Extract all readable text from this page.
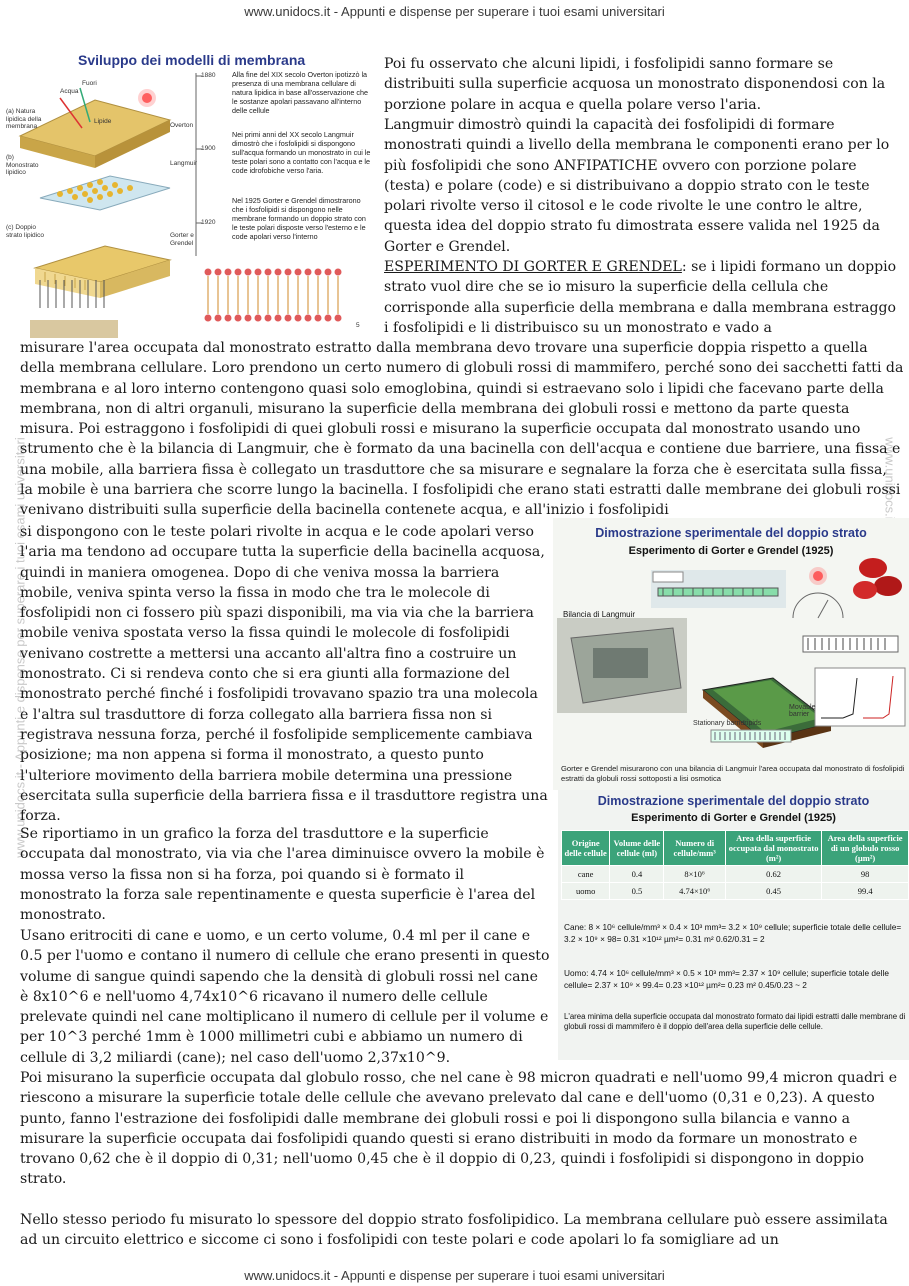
www.unidocs.it - Appunti e dispense per superare i tuoi esami universitari
www.unidocs.it - Appunti e dispense per superare i tuoi esami universitari
www.unidocs.it - Appunti e dispense per superare i tuoi esami universitari
Sviluppo dei modelli di membrana
(a) Natura lipidica della membrana
(b) Monostrato lipidico
(c) Doppio strato lipidico
Overton
Langmuir
Gorter e Grendel
1880
1900
1920
Acqua
Fuori
Lipide
5
Alla fine del XIX secolo Overton ipotizzò la presenza di una membrana cellulare di natura lipidica in base all'osservazione che le sostanze apolari passavano all'interno delle cellule
Nei primi anni del XX secolo Langmuir dimostrò che i fosfolipidi si dispongono sull'acqua formando un monostrato in cui le teste polari sono a contatto con l'acqua e le code idrofobiche verso l'aria.
Nel 1925 Gorter e Grendel dimostrarono che i fosfolipidi si dispongono nelle membrane formando un doppio strato con le teste polari disposte verso l'esterno e le code apolari verso l'interno

Poi fu osservato che alcuni lipidi, i fosfolipidi sanno formare se distribuiti sulla superficie acquosa un monostrato disponendosi con la porzione polare in acqua e quella polare verso l'aria.

Langmuir dimostrò quindi la capacità dei fosfolipidi di formare monostrati quindi a livello della membrana le componenti erano per lo più fosfolipidi che sono ANFIPATICHE ovvero con porzione polare (testa) e polare (code) e si distribuivano a doppio strato con le teste polari rivolte verso il citosol e le code rivolte le une contro le altre, questa idea del doppio strato fu dimostrata essere valida nel 1925 da Gorter e Grendel.

ESPERIMENTO DI GORTER E GRENDEL: se i lipidi formano un doppio strato vuol dire che se io misuro la superficie della cellula che corrisponde alla superficie della membrana e dalla membrana estraggo i fosfolipidi e li distribuisco su un monostrato e vado a

misurare l'area occupata dal monostrato estratto dalla membrana devo trovare una superficie doppia rispetto a quella della membrana cellulare. Loro prendono un certo numero di globuli rossi di mammifero, perché sono dei sacchetti fatti da membrana e al loro interno contengono quasi solo emoglobina, quindi si estraevano solo i lipidi che facevano parte della membrana, non di altri organuli, misurano la superficie della membrana dei globuli rossi e mettono da parte questa misura. Poi estraggono i fosfolipidi di quei globuli rossi e misurano la superficie occupata dal monostrato usando uno strumento che è la bilancia di Langmuir, che è formato da una bacinella con dell'acqua e contiene due barriere, una fissa e una mobile, alla barriera fissa è collegato un trasduttore che sa misurare e segnalare la forza che è esercitata sulla fissa, la mobile è una barriera che scorre lungo la bacinella. I fosfolipidi che erano stati estratti dalle membrane dei globuli rossi venivano distribuiti sulla superficie della bacinella contenete acqua, e all'inizio i fosfolipidi

si dispongono con le teste polari rivolte in acqua e le code apolari verso l'aria ma tendono ad occupare tutta la superficie della bacinella acquosa, quindi in maniera omogenea. Dopo di che veniva mossa la barriera mobile, veniva spinta verso la fissa in modo che tra le molecole di fosfolipidi non ci fossero più spazi disponibili, ma via via che la barriera mobile veniva spostata verso la fissa quindi le molecole di fosfolipidi venivano costrette a mettersi una accanto all'altra fino a costruire un monostrato. Ci si rendeva conto che si era giunti alla formazione del monostrato perché finché i fosfolipidi trovavano spazio tra una molecola e l'altra sul trasduttore di forza collegato alla barriera fissa non si registrava nessuna forza, perché il fosfolipide semplicemente cambiava posizione; ma non appena si forma il monostrato, a questo punto l'ulteriore movimento della barriera mobile determina una pressione esercitata sulla superficie della barriera fissa e il trasduttore registra una forza.

Se riportiamo in un grafico la forza del trasduttore e la superficie occupata dal monostrato, via via che l'area diminuisce ovvero la mobile è mossa verso la fissa non si ha forza, poi quando si è formato il monostrato la forza sale repentinamente e questa superficie è l'area del monostrato.

Usano eritrociti di cane e uomo, e un certo volume, 0.4 ml per il cane e 0.5 per l'uomo e contano il numero di cellule che erano presenti in questo volume di sangue quindi sapendo che la densità di globuli rossi nel cane è 8x10^6 e nell'uomo 4,74x10^6 ricavano il numero delle cellule prelevate quindi nel cane moltiplicano il numero di cellule per il volume e per 10^3 perché 1mm è 1000 millimetri cubi e abbiamo un numero di cellule di 3,2 miliardi (cane); nel caso dell'uomo 2,37x10^9.

Poi misurano la superficie occupata dal globulo rosso, che nel cane è 98 micron quadrati e nell'uomo 99,4 micron quadri e riescono a misurare la superficie totale delle cellule che avevano prelevato dal cane e dell'uomo (0,31 e 0,23). A questo punto, fanno l'estrazione dei fosfolipidi dalle membrane dei globuli rossi e poi li dispongono sulla bilancia e vanno a misurare la superficie occupata dai fosfolipidi quando questi si erano distribuiti in modo da formare un monostrato e trovano 0,62 che è il doppio di 0,31; nell'uomo 0,45 che è il doppio di 0,23, quindi i fosfolipidi si dispongono in doppio strato.

Nello stesso periodo fu misurato lo spessore del doppio strato fosfolipidico. La membrana cellulare può essere assimilata ad un circuito elettrico e siccome ci sono i fosfolipidi con teste polari e code apolari lo fa somigliare ad un

Dimostrazione sperimentale del doppio strato
Esperimento di Gorter e Grendel (1925)
Bilancia di Langmuir
Stationary barrier
Lipids
Movable barrier
Gorter e Grendel misurarono con una bilancia di Langmuir l'area occupata dal monostrato di fosfolipidi estratti da globuli rossi sottoposti a lisi osmotica
Dimostrazione sperimentale del doppio strato
Esperimento di Gorter e Grendel (1925)
Origine delle cellule	Volume delle cellule (ml)	Numero di cellule/mm³	Area della superficie occupata dal monostrato (m²)	Area della superficie di un globulo rosso (µm²)
cane	0.4	8×10⁶	0.62	98
uomo	0.5	4.74×10⁶	0.45	99.4
Cane: 8 × 10⁶ cellule/mm³ × 0.4 × 10³ mm³= 3.2 × 10⁹ cellule; superficie totale delle cellule= 3.2 × 10⁹ × 98= 0.31 ×10¹² µm²= 0.31 m² 0.62/0.31 = 2
Uomo: 4.74 × 10⁶ cellule/mm³ × 0.5 × 10³ mm³= 2.37 × 10⁹ cellule; superficie totale delle cellule= 2.37 × 10⁹ × 99.4= 0.23 ×10¹² µm²= 0.23 m² 0.45/0.23 ~ 2
L'area minima della superficie occupata dal monostrato formato dai lipidi estratti dalle membrane di globuli rossi di mammifero è il doppio dell'area della superficie delle cellule.
